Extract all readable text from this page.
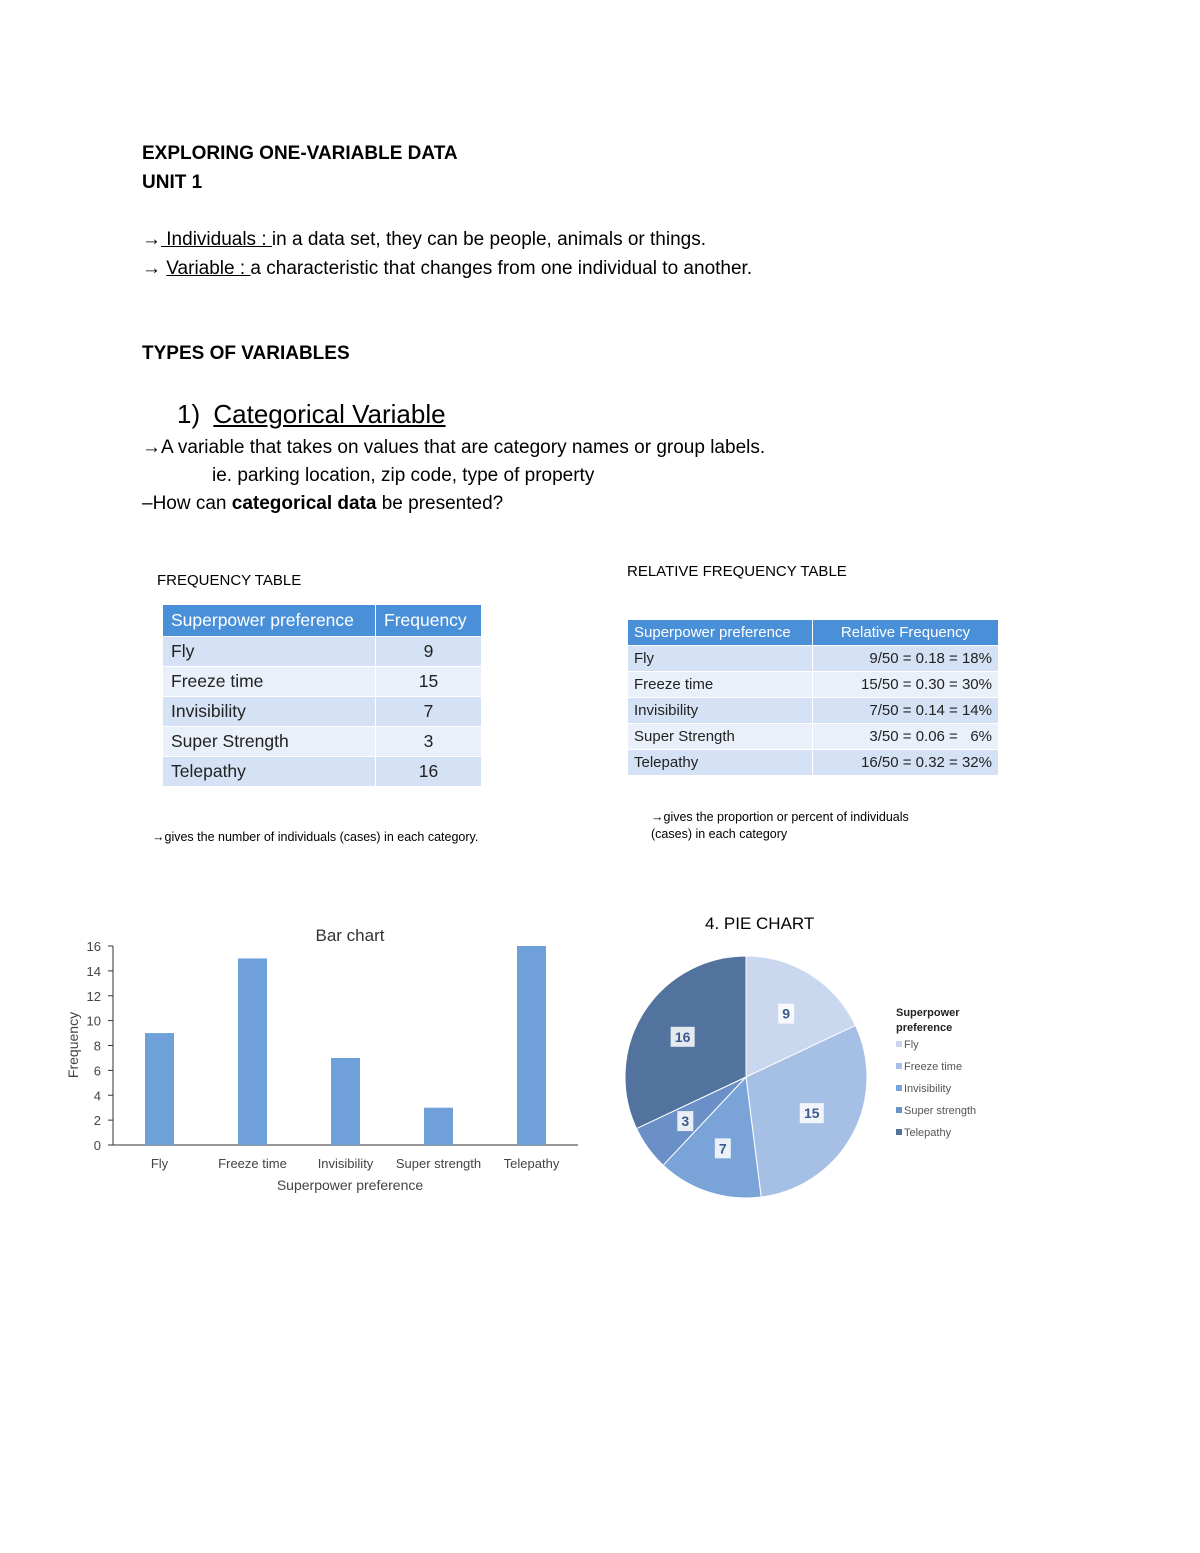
EXPLORING ONE-VARIABLE DATA
UNIT 1
→ Individuals : in a data set, they can be people, animals or things.
→ Variable : a characteristic that changes from one individual to another.
TYPES OF VARIABLES
1) Categorical Variable
→A variable that takes on values that are category names or group labels.
ie. parking location, zip code, type of property
–How can categorical data be presented?
FREQUENCY TABLE
Superpower preference	Frequency
Fly	9
Freeze time	15
Invisibility	7
Super Strength	3
Telepathy	16
→gives the number of individuals (cases) in each category.
RELATIVE FREQUENCY TABLE
Superpower preference	Relative Frequency
Fly	9/50 = 0.18 = 18%
Freeze time	15/50 = 0.30 = 30%
Invisibility	7/50 = 0.14 = 14%
Super Strength	3/50 = 0.06 =   6%
Telepathy	16/50 = 0.32 = 32%
→gives the proportion or percent of individuals
(cases) in each category
Bar chart
0
2
4
6
8
10
12
14
16
Fly	Freeze time Invisibility Super strength Telepathy
Superpower preference
Frequency
4. PIE CHART
9
15
7
3
16
Superpower
preference
Fly
Freeze time
Invisibility
Super strength
Telepathy
